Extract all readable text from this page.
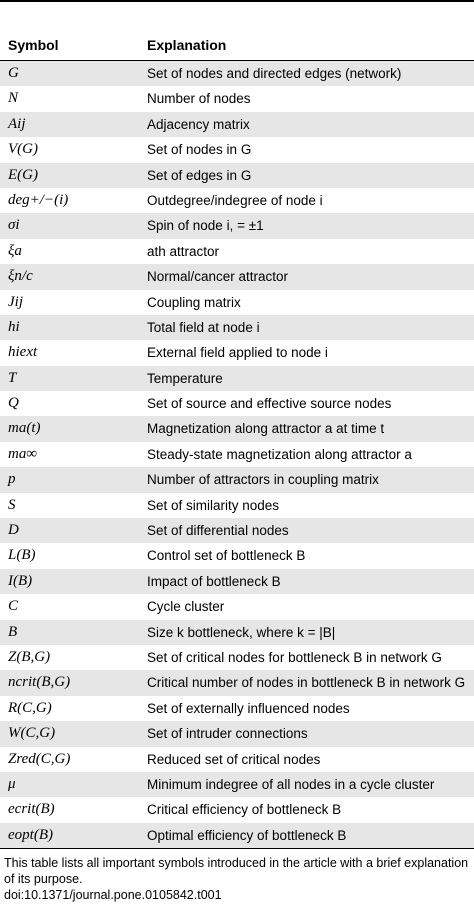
Symbol	Explanation
G	Set of nodes and directed edges (network)
N	Number of nodes
Aij	Adjacency matrix
V(G)	Set of nodes in G
E(G)	Set of edges in G
deg+/−(i)	Outdegree/indegree of node i
σi	Spin of node i, = ±1
ξa	ath attractor
ξn/c	Normal/cancer attractor
Jij	Coupling matrix
hi	Total field at node i
hiext	External field applied to node i
T	Temperature
Q	Set of source and effective source nodes
ma(t)	Magnetization along attractor a at time t
ma∞	Steady-state magnetization along attractor a
p	Number of attractors in coupling matrix
S	Set of similarity nodes
D	Set of differential nodes
L(B)	Control set of bottleneck B
I(B)	Impact of bottleneck B
C	Cycle cluster
B	Size k bottleneck, where k = |B|
Z(B,G)	Set of critical nodes for bottleneck B in network G
ncrit(B,G)	Critical number of nodes in bottleneck B in network G
R(C,G)	Set of externally influenced nodes
W(C,G)	Set of intruder connections
Zred(C,G)	Reduced set of critical nodes
μ	Minimum indegree of all nodes in a cycle cluster
ecrit(B)	Critical efficiency of bottleneck B
eopt(B)	Optimal efficiency of bottleneck B
This table lists all important symbols introduced in the article with a brief explanation of its purpose.
doi:10.1371/journal.pone.0105842.t001
